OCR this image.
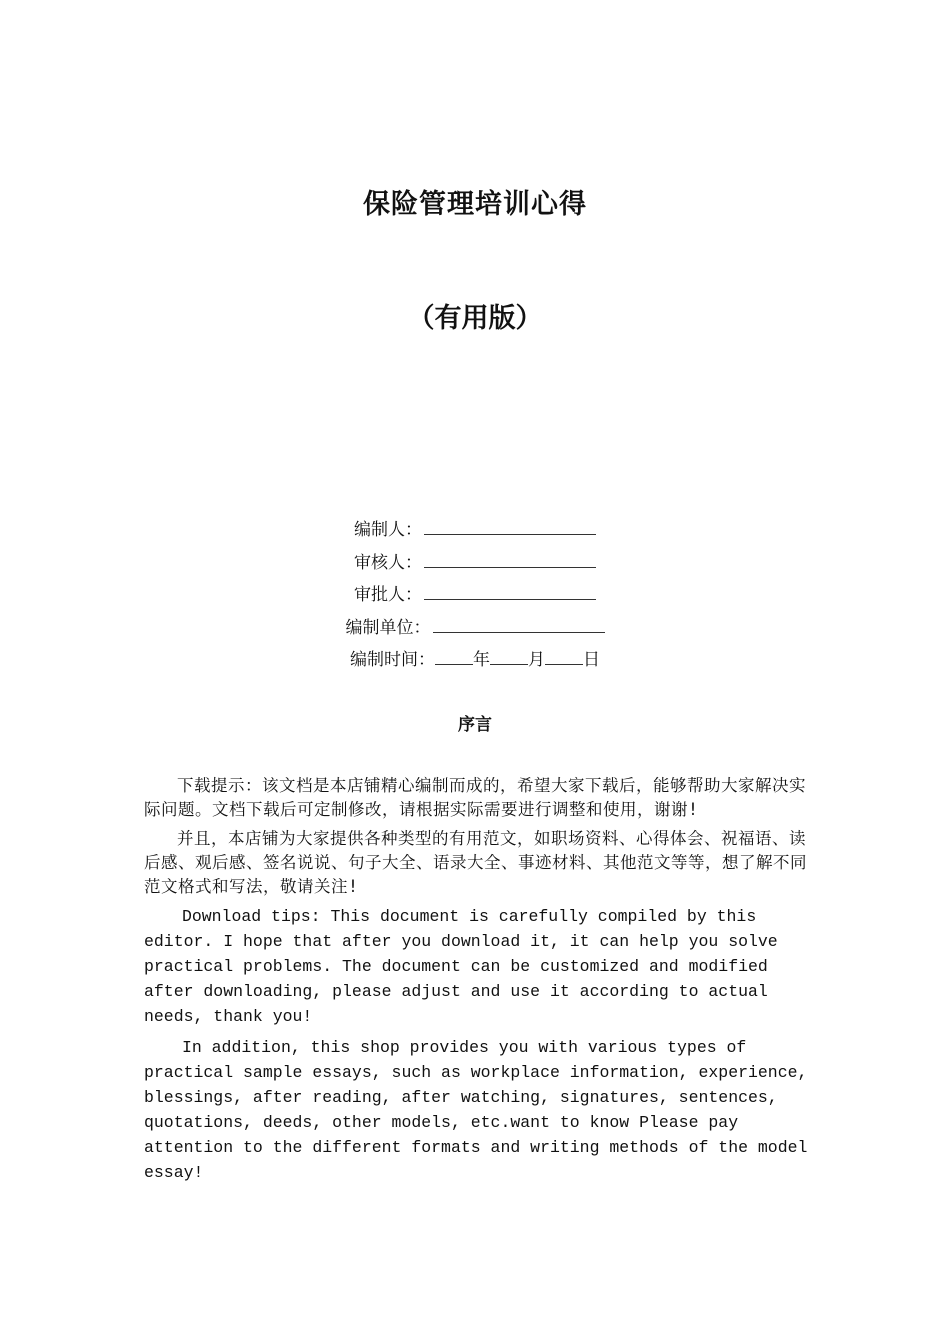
保险管理培训心得
（有用版）
编制人：
审核人：
审批人：
编制单位：
编制时间： 年 月 日
序言

下载提示：该文档是本店铺精心编制而成的，希望大家下载后，能够帮助大家解决实际问题。文档下载后可定制修改，请根据实际需要进行调整和使用，谢谢!

并且，本店铺为大家提供各种类型的有用范文，如职场资料、心得体会、祝福语、读后感、观后感、签名说说、句子大全、语录大全、事迹材料、其他范文等等，想了解不同范文格式和写法，敬请关注!

Download tips: This document is carefully compiled by this editor. I hope that after you download it, it can help you solve practical problems. The document can be customized and modified after downloading, please adjust and use it according to actual needs, thank you!

In addition, this shop provides you with various types of practical sample essays, such as workplace information, experience, blessings, after reading, after watching, signatures, sentences, quotations, deeds, other models, etc.want to know Please pay attention to the different formats and writing methods of the model essay!
